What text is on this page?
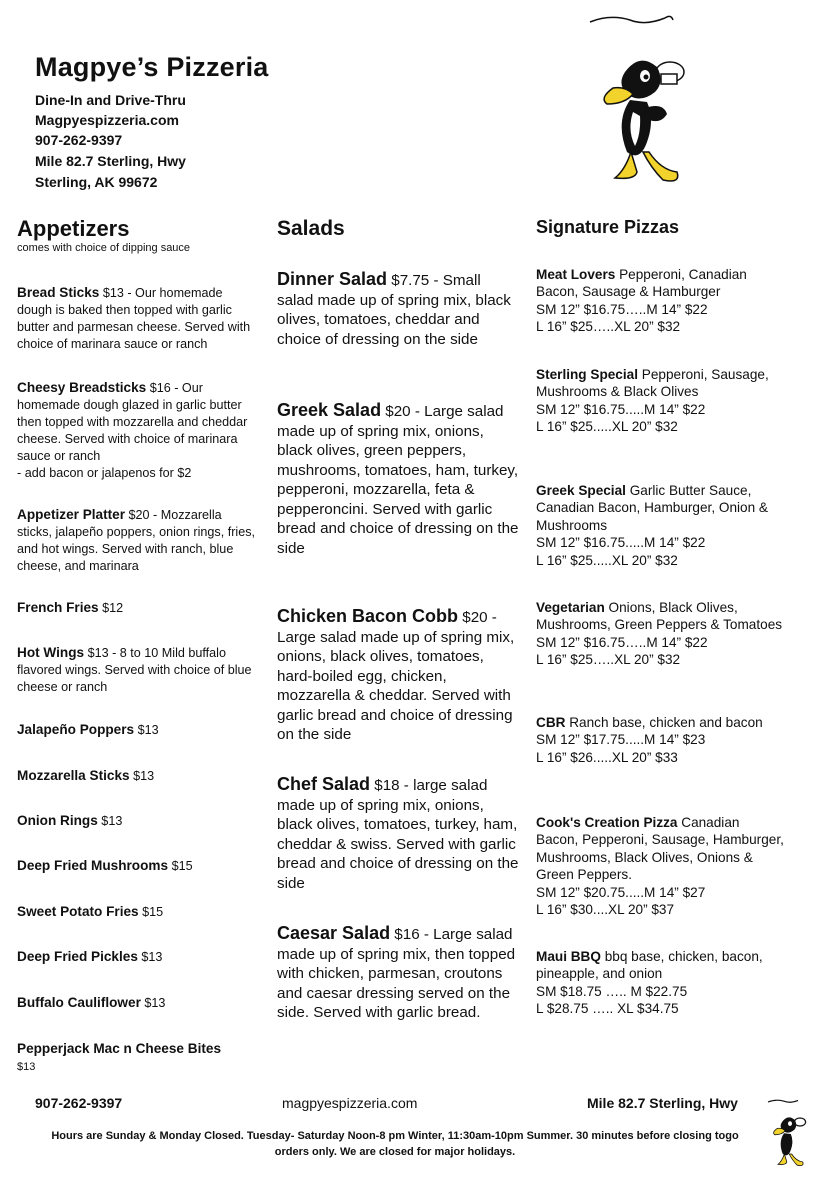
Magpye’s Pizzeria
Dine-In and Drive-Thru
Magpyespizzeria.com
907-262-9397
Mile 82.7 Sterling, Hwy
Sterling, AK 99672
Appetizers
comes with choice of dipping sauce
Salads	Signature Pizzas
Bread Sticks $13 - Our homemade dough is baked then topped with garlic butter and parmesan cheese. Served with choice of marinara sauce or ranch
Cheesy Breadsticks $16 - Our homemade dough glazed in garlic butter then topped with mozzarella and cheddar cheese. Served with choice of marinara sauce or ranch
- add bacon or jalapenos for $2
Appetizer Platter $20 - Mozzarella sticks, jalapeño poppers, onion rings, fries, and hot wings. Served with ranch, blue cheese, and marinara
French Fries $12
Hot Wings $13 - 8 to 10 Mild buffalo flavored wings. Served with choice of blue cheese or ranch
Jalapeño Poppers $13
Mozzarella Sticks $13
Onion Rings $13
Deep Fried Mushrooms $15
Sweet Potato Fries $15
Deep Fried Pickles $13
Buffalo Cauliflower $13
Pepperjack Mac n Cheese Bites
$13
Dinner Salad $7.75 - Small salad made up of spring mix, black olives, tomatoes, cheddar and choice of dressing on the side
Greek Salad $20 - Large salad made up of spring mix, onions, black olives, green peppers, mushrooms, tomatoes, ham, turkey, pepperoni, mozzarella, feta & pepperoncini. Served with garlic bread and choice of dressing on the side
Chicken Bacon Cobb $20 - Large salad made up of spring mix, onions, black olives, tomatoes, hard-boiled egg, chicken, mozzarella & cheddar. Served with garlic bread and choice of dressing on the side
Chef Salad $18 - large salad made up of spring mix, onions, black olives, tomatoes, turkey, ham, cheddar & swiss. Served with garlic bread and choice of dressing on the side
Caesar Salad $16 - Large salad made up of spring mix, then topped with chicken, parmesan, croutons and caesar dressing served on the side. Served with garlic bread.
Meat Lovers Pepperoni, Canadian Bacon, Sausage & Hamburger
SM 12” $16.75…..M 14” $22
L 16” $25…..XL 20” $32
Sterling Special Pepperoni, Sausage, Mushrooms & Black Olives
SM 12” $16.75.....M 14” $22
L 16” $25.....XL 20” $32
Greek Special Garlic Butter Sauce, Canadian Bacon, Hamburger, Onion & Mushrooms
SM 12” $16.75.....M 14” $22
L 16” $25.....XL 20” $32
Vegetarian Onions, Black Olives, Mushrooms, Green Peppers & Tomatoes
SM 12” $16.75…..M 14” $22
L 16” $25…..XL 20” $32
CBR Ranch base, chicken and bacon
SM 12” $17.75.....M 14” $23
L 16” $26.....XL 20” $33
Cook's Creation Pizza Canadian Bacon, Pepperoni, Sausage, Hamburger, Mushrooms, Black Olives, Onions & Green Peppers.
SM 12” $20.75.....M 14” $27
L 16” $30....XL 20” $37
Maui BBQ bbq base, chicken, bacon, pineapple, and onion
SM $18.75 ….. M $22.75
L $28.75 ….. XL $34.75
907-262-9397	magpyespizzeria.com	Mile 82.7 Sterling, Hwy
Hours are Sunday & Monday Closed. Tuesday- Saturday Noon-8 pm Winter, 11:30am-10pm Summer. 30 minutes before closing togo orders only. We are closed for major holidays.
